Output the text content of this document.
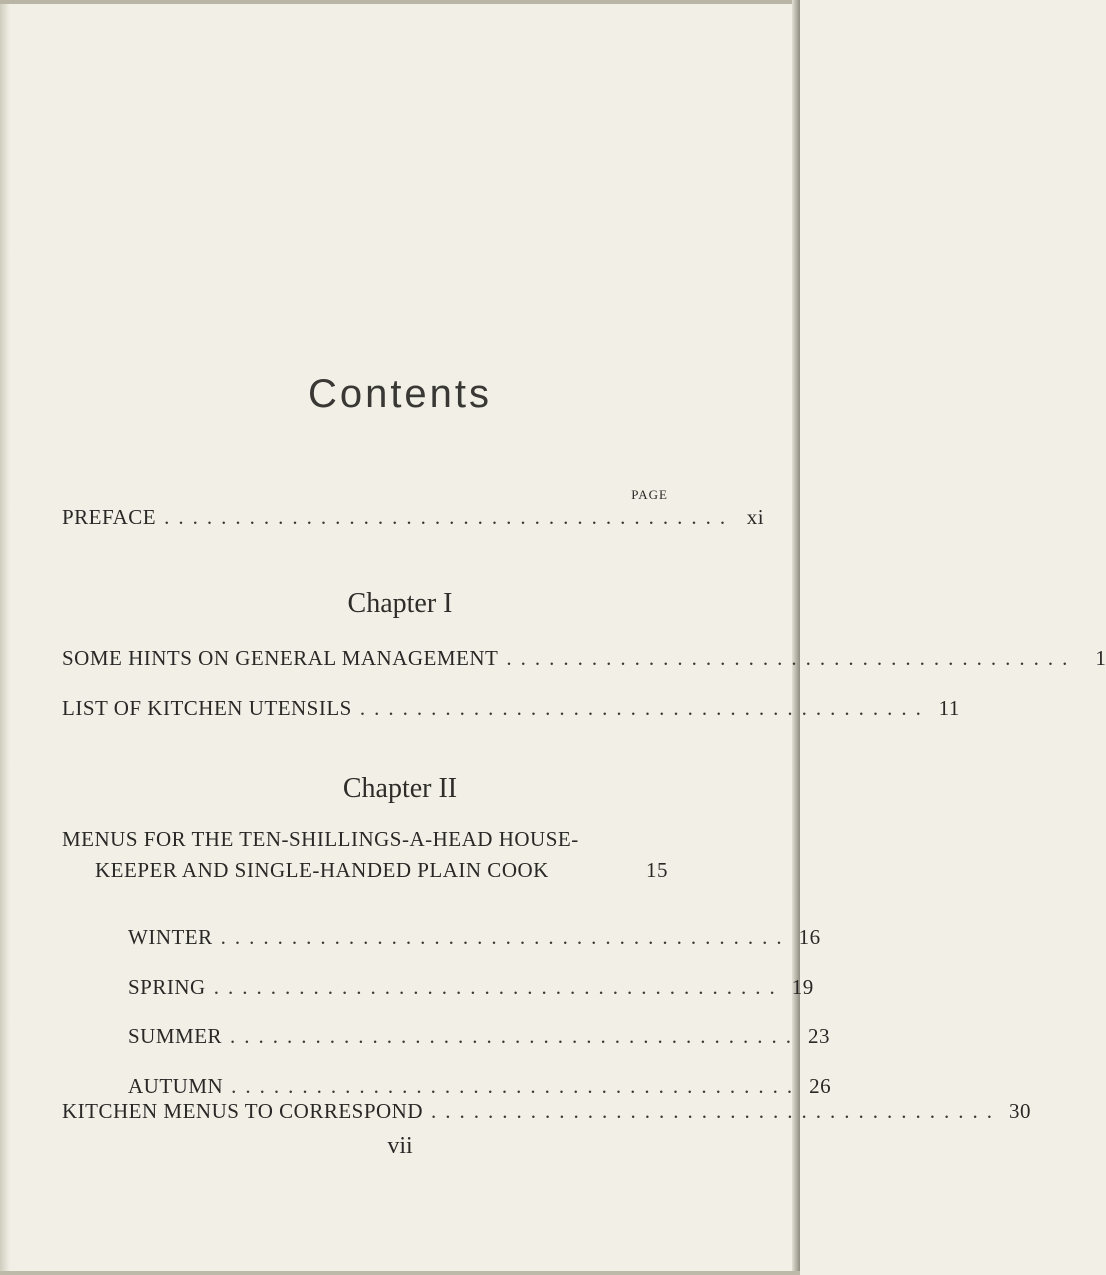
Contents
PAGE
PREFACE ........................................ xi
Chapter I
SOME HINTS ON GENERAL MANAGEMENT ........................................ 1
LIST OF KITCHEN UTENSILS ........................................ 11
Chapter II
MENUS FOR THE TEN-SHILLINGS-A-HEAD HOUSE-
KEEPER AND SINGLE-HANDED PLAIN COOK	15
WINTER ........................................ 16
SPRING ........................................ 19
SUMMER ........................................ 23
AUTUMN ........................................ 26
KITCHEN MENUS TO CORRESPOND ........................................ 30
vii
